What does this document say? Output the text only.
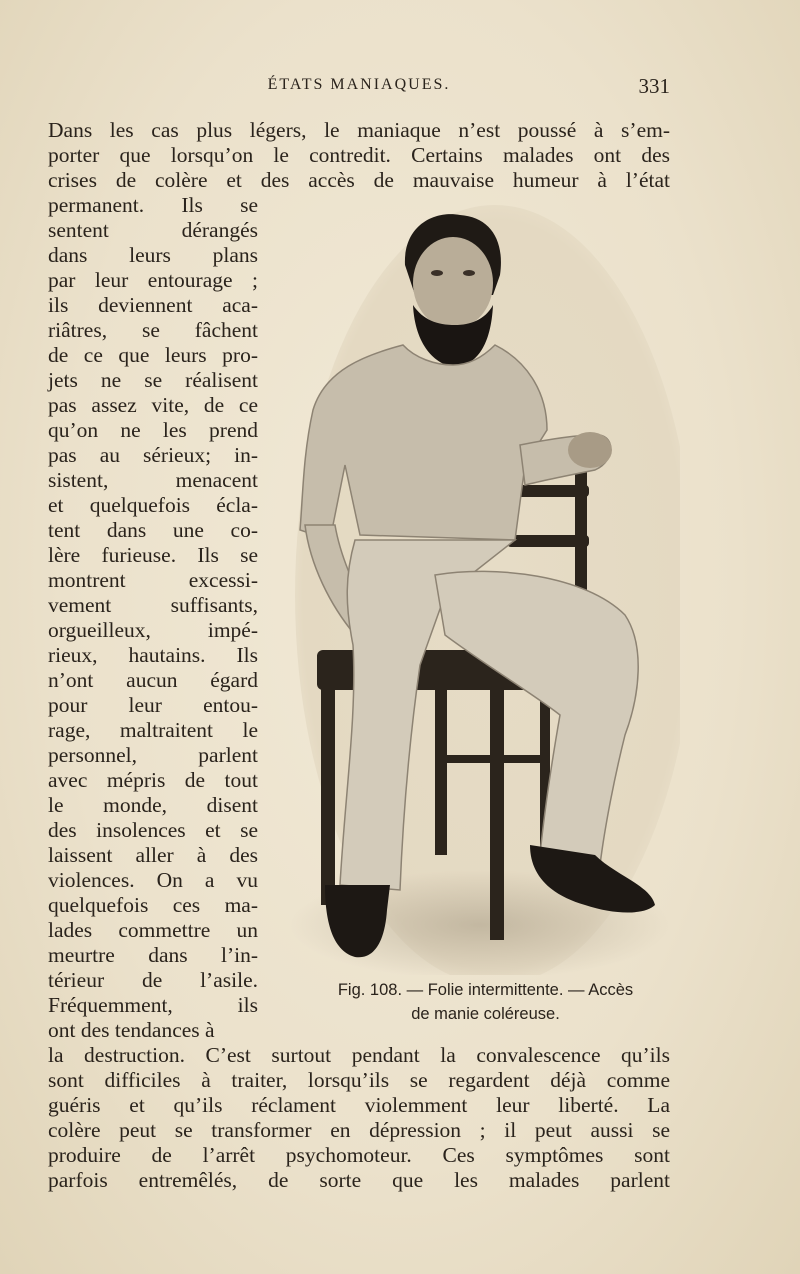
ÉTATS MANIAQUES.	331
Dans les cas plus légers, le maniaque n’est poussé à s’em-
porter que lorsqu’on le contredit. Certains malades ont des
crises de colère et des accès de mauvaise humeur à l’état
permanent. Ils se
sentent dérangés
dans leurs plans
par leur entourage ;
ils deviennent aca-
riâtres, se fâchent
de ce que leurs pro-
jets ne se réalisent
pas assez vite, de ce
qu’on ne les prend
pas au sérieux; in-
sistent, menacent
et quelquefois écla-
tent dans une co-
lère furieuse. Ils se
montrent excessi-
vement suffisants,
orgueilleux, impé-
rieux, hautains. Ils
n’ont aucun égard
pour leur entou-
rage, maltraitent le
personnel, parlent
avec mépris de tout
le monde, disent
des insolences et se
laissent aller à des
violences. On a vu
quelquefois ces ma-
lades commettre un
meurtre dans l’in-
térieur de l’asile.
Fréquemment, ils
ont des tendances à
Fig. 108. — Folie intermittente. — Accès
de manie coléreuse.
la destruction. C’est surtout pendant la convalescence qu’ils
sont difficiles à traiter, lorsqu’ils se regardent déjà comme
guéris et qu’ils réclament violemment leur liberté. La
colère peut se transformer en dépression ; il peut aussi se
produire de l’arrêt psychomoteur. Ces symptômes sont
parfois entremêlés, de sorte que les malades parlent
